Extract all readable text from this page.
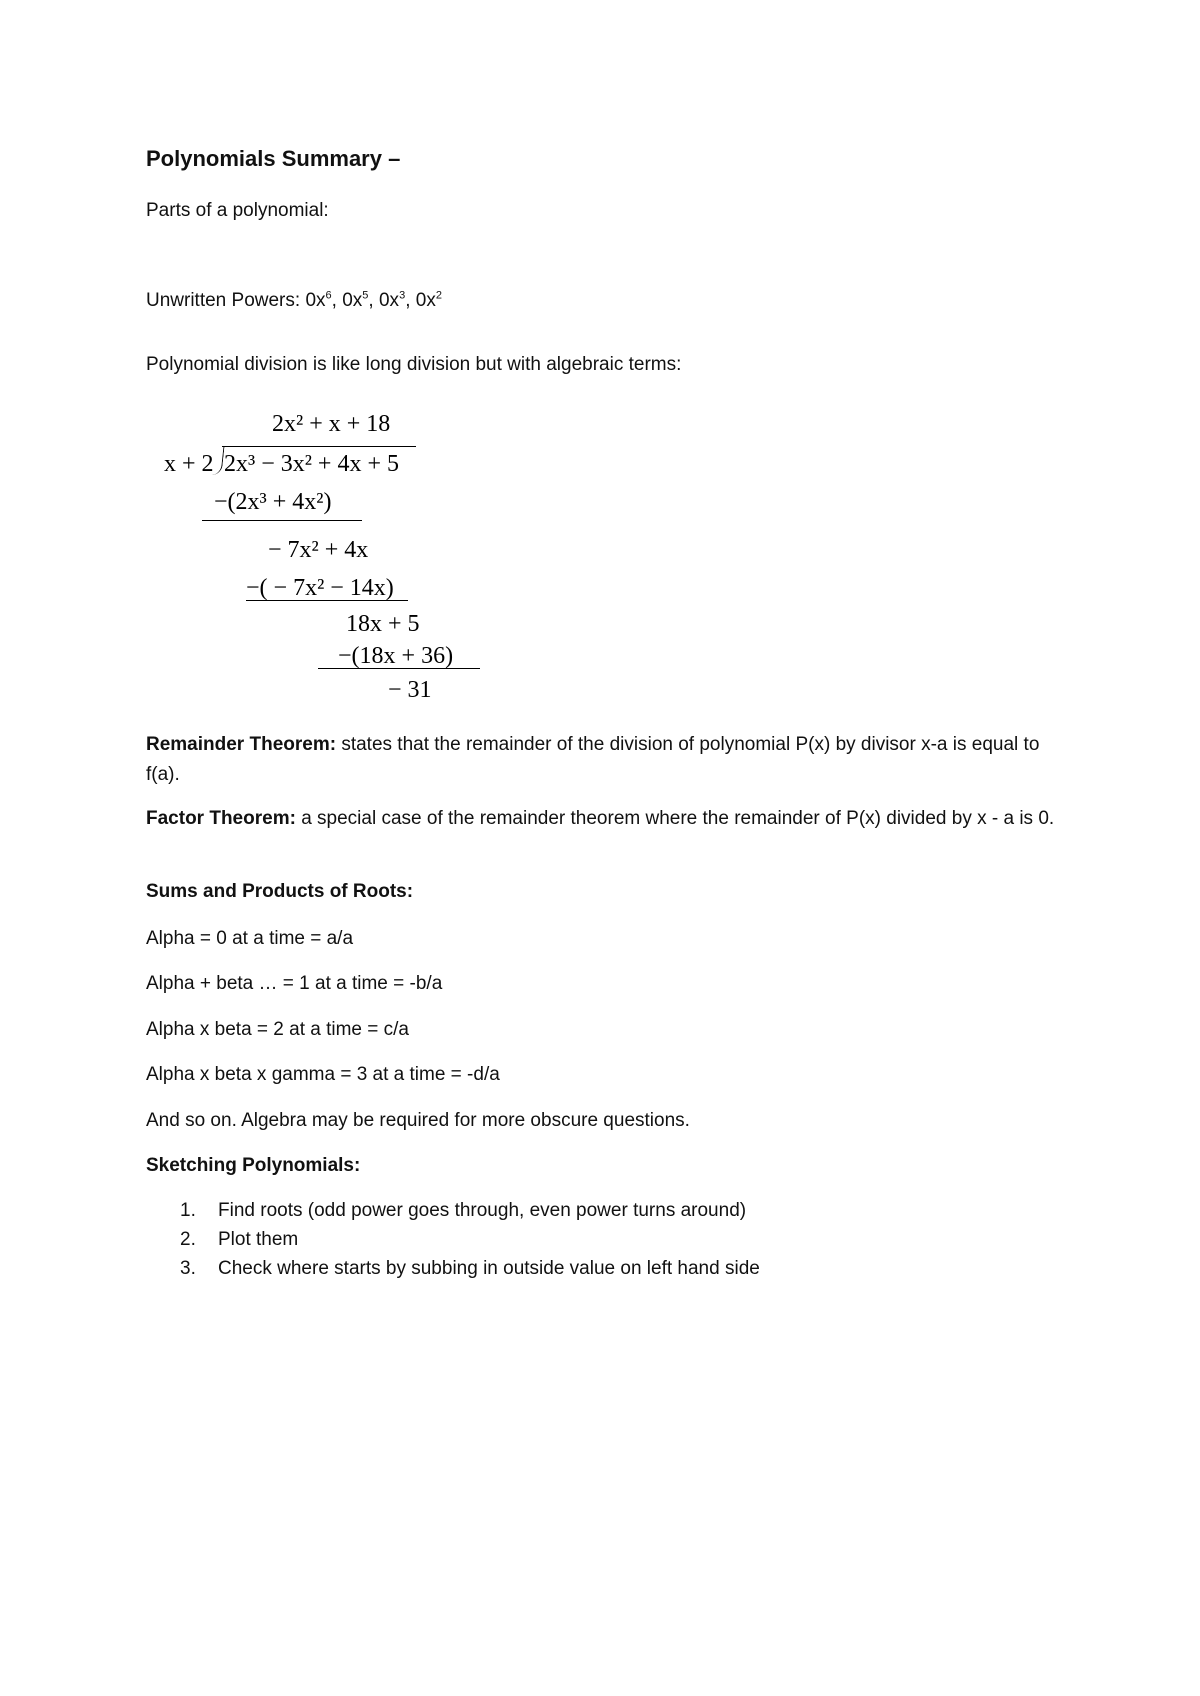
Polynomials Summary –
Parts of a polynomial:
Unwritten Powers: $0x^6$, $0x^5$, $0x^3$, $0x^2$
Polynomial division is like long division but with algebraic terms:
2x² + x + 18
x + 2 2x³ − 3x² + 4x + 5
−(2x³ + 4x²)
− 7x² + 4x
−( − 7x² − 14x)
18x + 5
−(18x + 36)
− 31
Remainder Theorem: states that the remainder of the division of polynomial P(x) by divisor x-a is equal to f(a).
Factor Theorem: a special case of the remainder theorem where the remainder of P(x) divided by x - a is 0.
Sums and Products of Roots:
Alpha = 0 at a time = a/a
Alpha + beta … = 1 at a time = -b/a
Alpha x beta = 2 at a time = c/a
Alpha x beta x gamma = 3 at a time = -d/a
And so on. Algebra may be required for more obscure questions.
Sketching Polynomials:
Find roots (odd power goes through, even power turns around)
Plot them
Check where starts by subbing in outside value on left hand side
